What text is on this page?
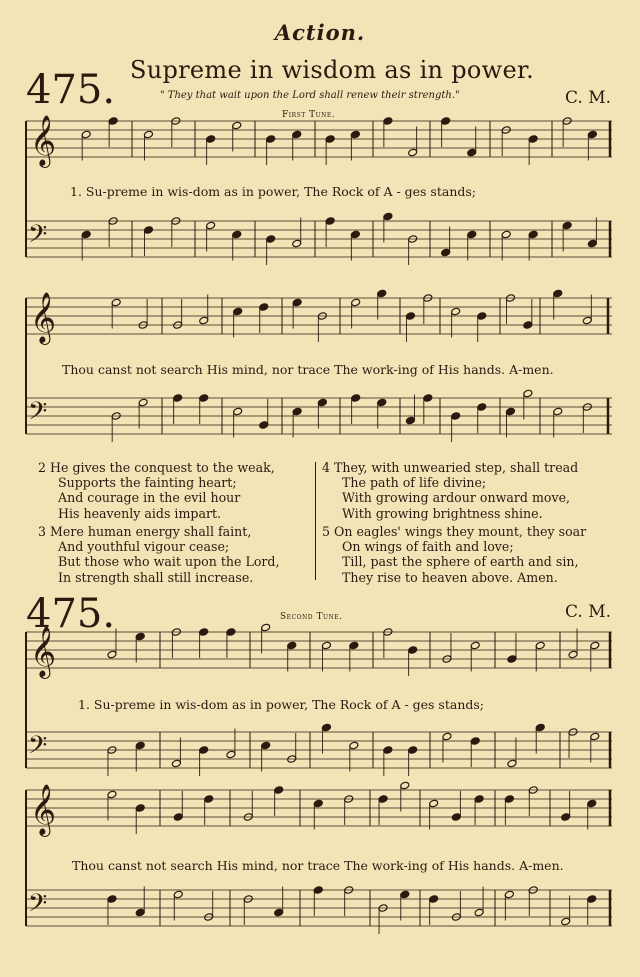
Action.
475. Supreme in wisdom as in power.
" They that wait upon the Lord shall renew their strength."	C. M.
First Tune.
1. Su-preme in wis-dom as in power, The Rock of A - ges stands;
Thou canst not search His mind, nor trace The work-ing of His hands. A-men.
2 He gives the conquest to the weak,
Supports the fainting heart;
And courage in the evil hour
His heavenly aids impart.
3 Mere human energy shall faint,
And youthful vigour cease;
But those who wait upon the Lord,
In strength shall still increase.
4 They, with unwearied step, shall tread
The path of life divine;
With growing ardour onward move,
With growing brightness shine.
5 On eagles' wings they mount, they soar
On wings of faith and love;
Till, past the sphere of earth and sin,
They rise to heaven above. Amen.
475.	Second Tune.	C. M.
1. Su-preme in wis-dom as in power, The Rock of A - ges stands;
Thou canst not search His mind, nor trace The work-ing of His hands. A-men.
𝄞
𝄢
𝄞
𝄢
𝄞
𝄢
𝄞
𝄢
